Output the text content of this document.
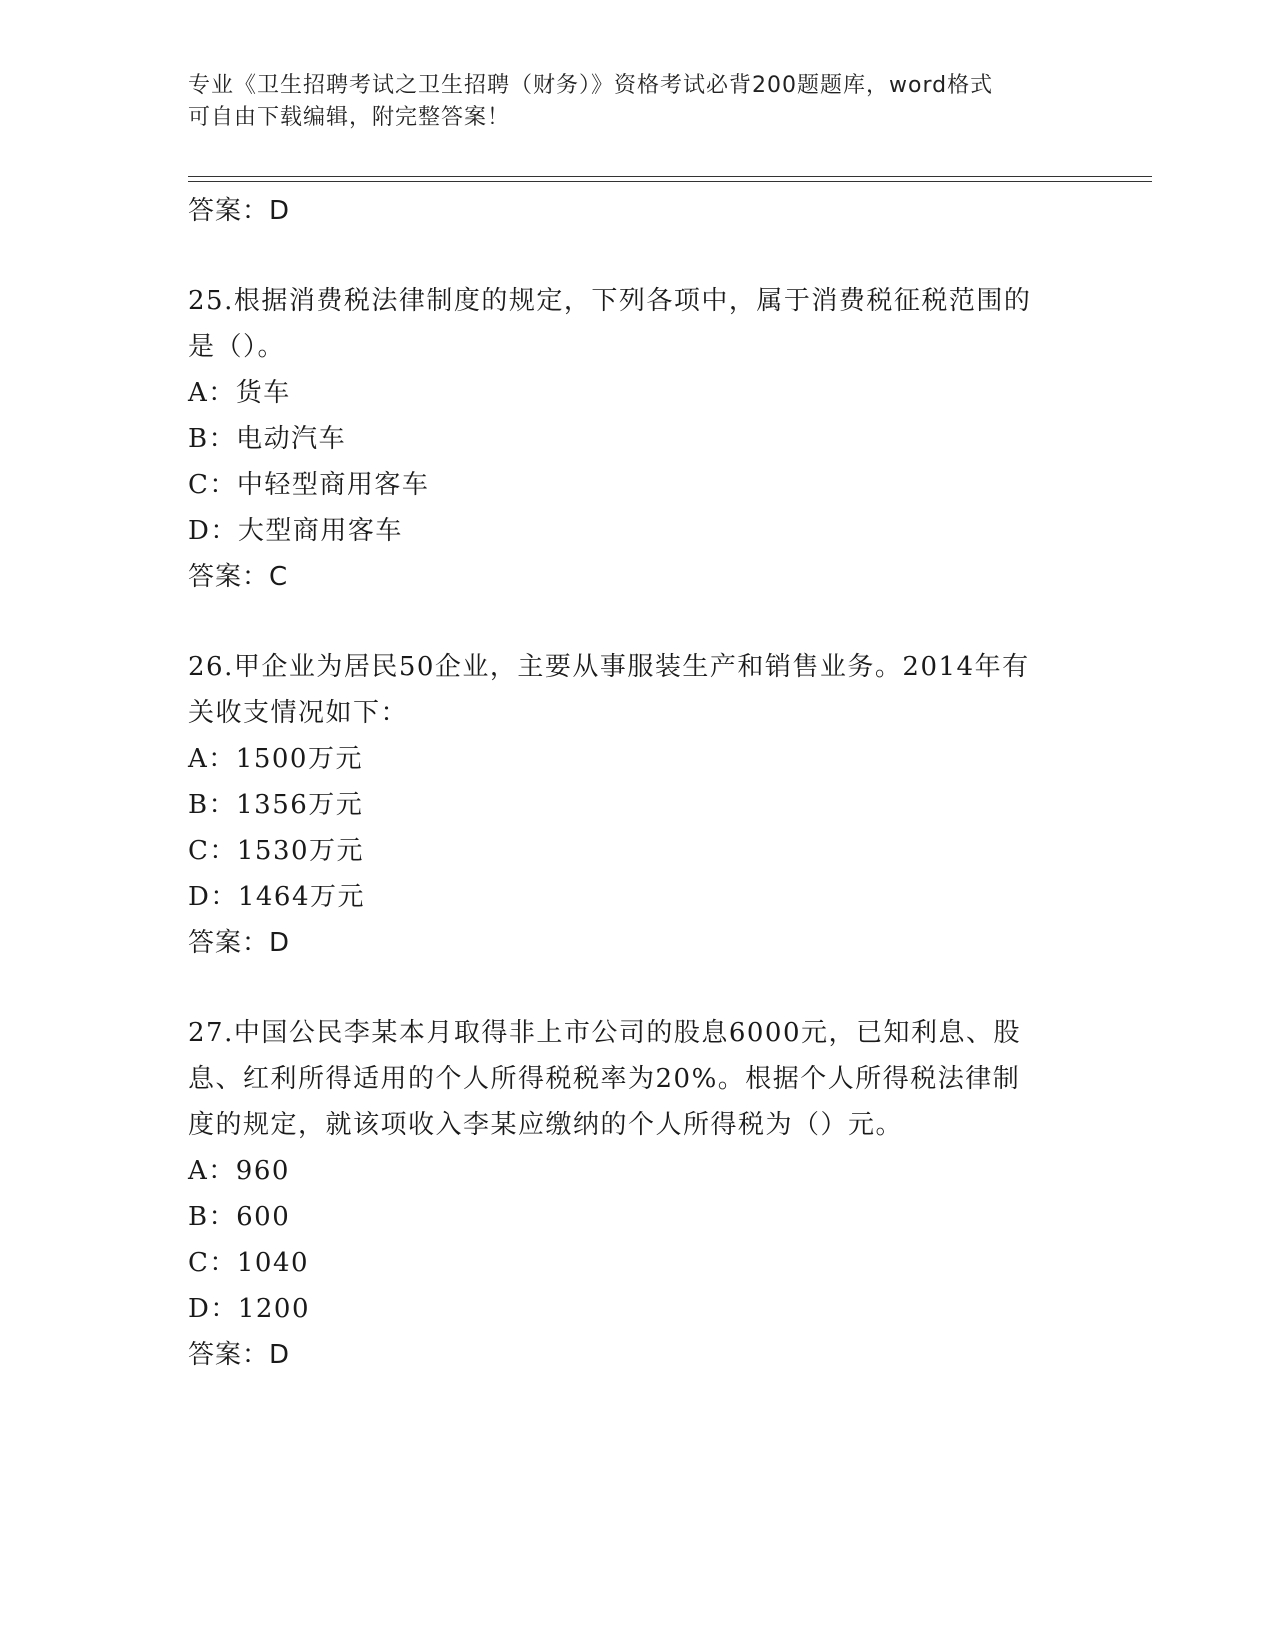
专业《卫生招聘考试之卫生招聘（财务）》资格考试必背200题题库，word格式
可自由下载编辑，附完整答案！
答案：D
25.根据消费税法律制度的规定，下列各项中，属于消费税征税范围的
是（）。
A：货车
B：电动汽车
C：中轻型商用客车
D：大型商用客车
答案：C
26.甲企业为居民50企业，主要从事服装生产和销售业务。2014年有
关收支情况如下：
A：1500万元
B：1356万元
C：1530万元
D：1464万元
答案：D
27.中国公民李某本月取得非上市公司的股息6000元，已知利息、股
息、红利所得适用的个人所得税税率为20%。根据个人所得税法律制
度的规定，就该项收入李某应缴纳的个人所得税为（）元。
A：960
B：600
C：1040
D：1200
答案：D
